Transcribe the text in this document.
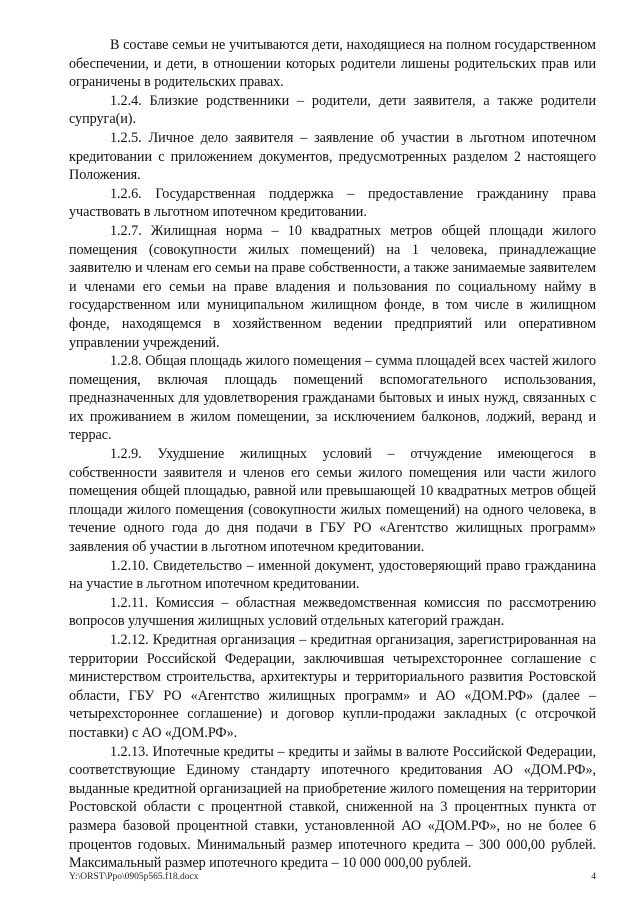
В составе семьи не учитываются дети, находящиеся на полном государственном обеспечении, и дети, в отношении которых родители лишены родительских прав или ограничены в родительских правах.

1.2.4. Близкие родственники – родители, дети заявителя, а также родители супруга(и).

1.2.5. Личное дело заявителя – заявление об участии в льготном ипотечном кредитовании с приложением документов, предусмотренных разделом 2 настоящего Положения.

1.2.6. Государственная поддержка – предоставление гражданину права участвовать в льготном ипотечном кредитовании.

1.2.7. Жилищная норма – 10 квадратных метров общей площади жилого помещения (совокупности жилых помещений) на 1 человека, принадлежащие заявителю и членам его семьи на праве собственности, а также занимаемые заявителем и членами его семьи на праве владения и пользования по социальному найму в государственном или муниципальном жилищном фонде, в том числе в жилищном фонде, находящемся в хозяйственном ведении предприятий или оперативном управлении учреждений.

1.2.8. Общая площадь жилого помещения – сумма площадей всех частей жилого помещения, включая площадь помещений вспомогательного использования, предназначенных для удовлетворения гражданами бытовых и иных нужд, связанных с их проживанием в жилом помещении, за исключением балконов, лоджий, веранд и террас.

1.2.9. Ухудшение жилищных условий – отчуждение имеющегося в собственности заявителя и членов его семьи жилого помещения или части жилого помещения общей площадью, равной или превышающей 10 квадратных метров общей площади жилого помещения (совокупности жилых помещений) на одного человека, в течение одного года до дня подачи в ГБУ РО «Агентство жилищных программ» заявления об участии в льготном ипотечном кредитовании.

1.2.10. Свидетельство – именной документ, удостоверяющий право гражданина на участие в льготном ипотечном кредитовании.

1.2.11. Комиссия – областная межведомственная комиссия по рассмотрению вопросов улучшения жилищных условий отдельных категорий граждан.

1.2.12. Кредитная организация – кредитная организация, зарегистрированная на территории Российской Федерации, заключившая четырехстороннее соглашение с министерством строительства, архитектуры и территориального развития Ростовской области, ГБУ РО «Агентство жилищных программ» и АО «ДОМ.РФ» (далее – четырехстороннее соглашение) и договор купли-продажи закладных (с отсрочкой поставки) с АО «ДОМ.РФ».

1.2.13. Ипотечные кредиты – кредиты и займы в валюте Российской Федерации, соответствующие Единому стандарту ипотечного кредитования АО «ДОМ.РФ», выданные кредитной организацией на приобретение жилого помещения на территории Ростовской области с процентной ставкой, сниженной на 3 процентных пункта от размера базовой процентной ставки, установленной АО «ДОМ.РФ», но не более 6 процентов годовых. Минимальный размер ипотечного кредита – 300 000,00 рублей. Максимальный размер ипотечного кредита – 10 000 000,00 рублей.

Y:\ORST\Ppo\0905p565.f18.docx	4
